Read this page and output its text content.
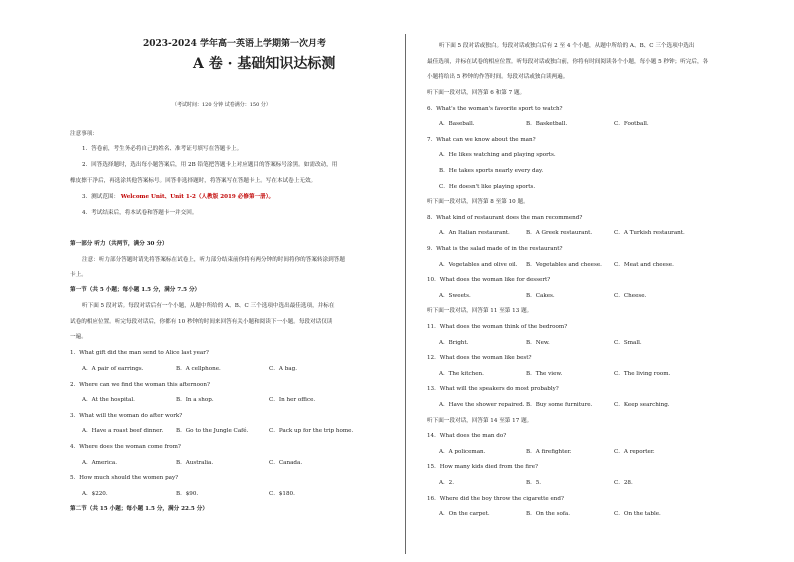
2023-2024 学年高一英语上学期第一次月考
A 卷 · 基础知识达标测
（考试时间：120 分钟 试卷满分：150 分）
注意事项：
1．答卷前，考生务必将自己的姓名、准考证号填写在答题卡上。
2．回答选择题时，选出每小题答案后，用 2B 铅笔把答题卡上对应题目的答案标号涂黑。如需改动，用
橡皮擦干净后，再选涂其他答案标号。回答非选择题时，将答案写在答题卡上。写在本试卷上无效。
3．测试范围： Welcome Unit、Unit 1-2（人教版 2019 必修第一册）。
4．考试结束后，将本试卷和答题卡一并交回。
第一部分 听力（共两节，满分 30 分）
注意：听力部分答题时请先将答案标在试卷上，听力部分结束前你将有两分钟的时间将你的答案转涂到答题
卡上。
第一节（共 5 小题；每小题 1.5 分，满分 7.5 分）
听下面 5 段对话。每段对话后有一个小题，从题中所给的 A、B、C 三个选项中选出最佳选项，并标在
试卷的相应位置。听完每段对话后，你都有 10 秒钟的时间来回答有关小题和阅读下一小题。每段对话仅读
一遍。
1．What gift did the man send to Alice last year?
A．A pair of earrings.	B．A cellphone.	C．A bag.
2．Where can we find the woman this afternoon?
A．At the hospital.	B．In a shop.	C．In her office.
3．What will the woman do after work?
A．Have a roast beef dinner. B．Go to the Jungle Café.	C．Pack up for the trip home.
4．Where does the woman come from?
A．America.	B．Australia.	C．Canada.
5．How much should the women pay?
A．$220.	B．$90.	C．$180.
第二节（共 15 小题；每小题 1.5 分，满分 22.5 分）
听下面 5 段对话或独白。每段对话或独白后有 2 至 4 个小题，从题中所给的 A、B、C 三个选项中选出
最佳选项，并标在试卷的相应位置。听每段对话或独白前，你将有时间阅读各个小题，每小题 5 秒钟；听完后，各
小题将给出 5 秒钟的作答时间。每段对话或独白读两遍。
听下面一段对话，回答第 6 和第 7 题。
6．What's the woman's favorite sport to watch?
A．Baseball.	B．Basketball.	C．Football.
7．What can we know about the man?
A．He likes watching and playing sports.
B．He takes sports nearly every day.
C．He doesn't like playing sports.
听下面一段对话，回答第 8 至第 10 题。
8．What kind of restaurant does the man recommend?
A．An Italian restaurant.	B．A Greek restaurant.	C．A Turkish restaurant.
9．What is the salad made of in the restaurant?
A．Vegetables and olive oil. B．Vegetables and cheese. C．Meat and cheese.
10．What does the woman like for dessert?
A．Sweets.	B．Cakes.	C．Cheese.
听下面一段对话，回答第 11 至第 13 题。
11．What does the woman think of the bedroom?
A．Bright.	B．New.	C．Small.
12．What does the woman like best?
A．The kitchen.	B．The view.	C．The living room.
13．What will the speakers do most probably?
A．Have the shower repaired. B．Buy some furniture.	C．Keep searching.
听下面一段对话，回答第 14 至第 17 题。
14．What does the man do?
A．A policeman.	B．A firefighter.	C．A reporter.
15．How many kids died from the fire?
A．2.	B．5.	C．28.
16．Where did the boy throw the cigarette end?
A．On the carpet.	B．On the sofa.	C．On the table.
